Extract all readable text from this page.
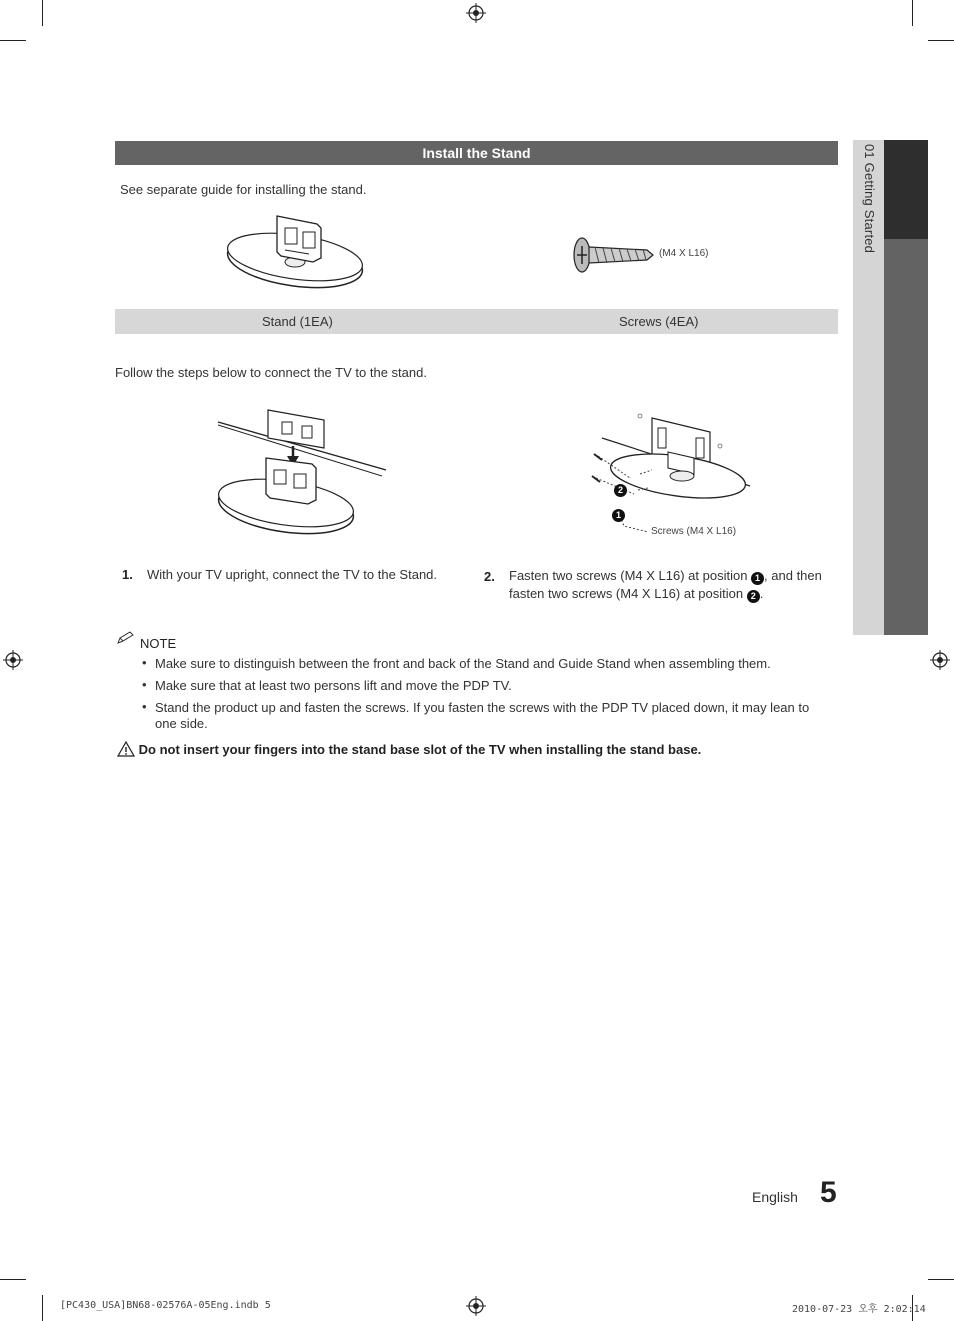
Install the Stand
See separate guide for installing the stand.
(M4 X L16)
Stand (1EA)	Screws (4EA)
Follow the steps below to connect the TV to the stand.
2
1
Screws (M4 X L16)
1. With your TV upright, connect the TV to the Stand.	2. Fasten two screws (M4 X L16) at position 1 , and then fasten two screws (M4 X L16) at position 2 .
NOTE
• Make sure to distinguish between the front and back of the Stand and Guide Stand when assembling them.
• Make sure that at least two persons lift and move the PDP TV.
• Stand the product up and fasten the screws. If you fasten the screws with the PDP TV placed down, it may lean to one side.
Do not insert your fingers into the stand base slot of the TV when installing the stand base.
01 Getting Started
English 5
[PC430_USA]BN68-02576A-05Eng.indb 5	2010-07-23 오후 2:02:14
